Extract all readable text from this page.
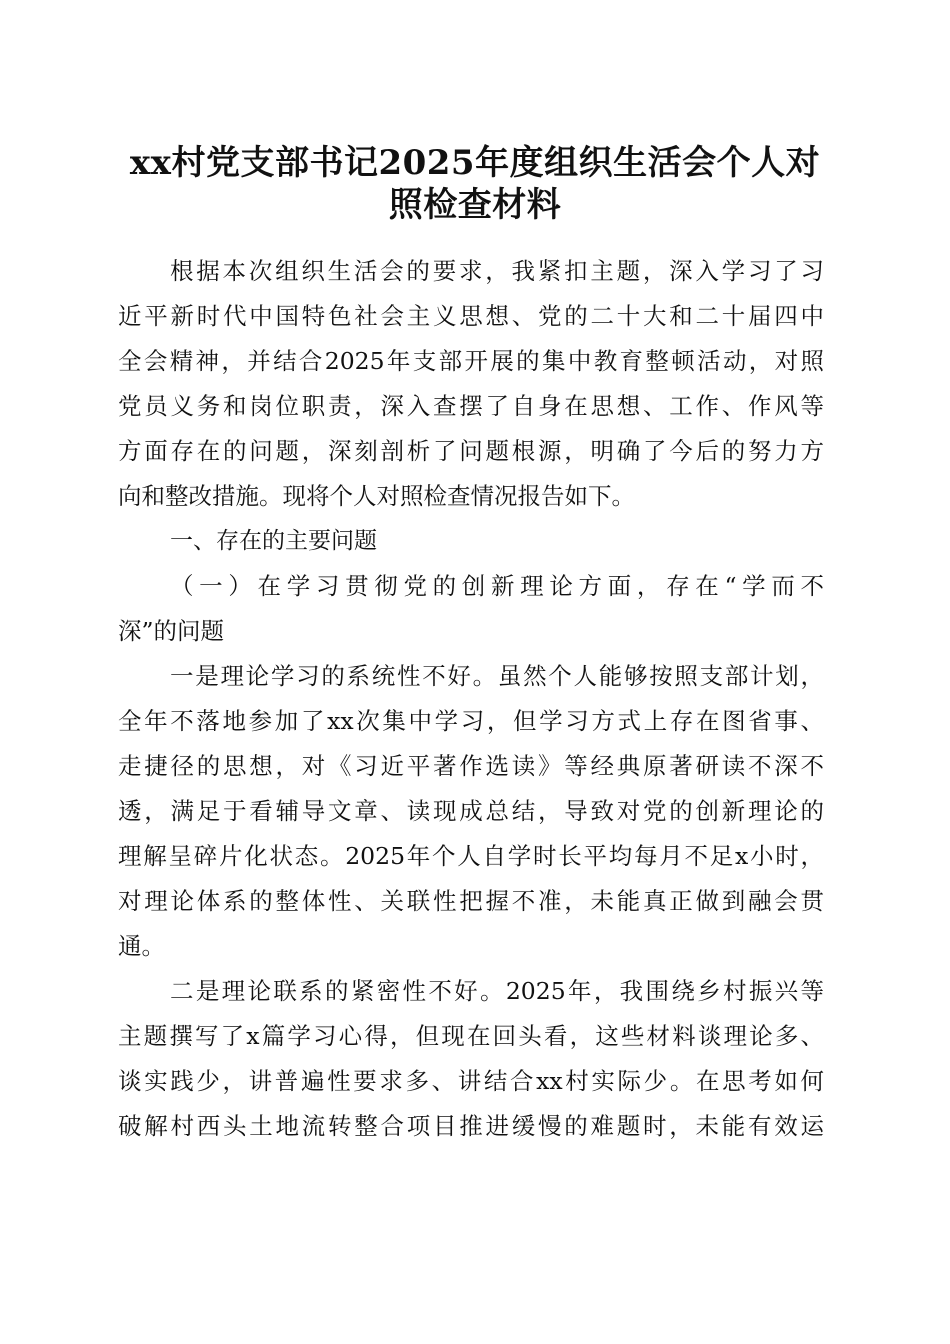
xx村党支部书记2025年度组织生活会个人对
照检查材料
根据本次组织生活会的要求，我紧扣主题，深入学习了习
近平新时代中国特色社会主义思想、党的二十大和二十届四中
全会精神，并结合2025年支部开展的集中教育整顿活动，对照
党员义务和岗位职责，深入查摆了自身在思想、工作、作风等
方面存在的问题，深刻剖析了问题根源，明确了今后的努力方
向和整改措施。现将个人对照检查情况报告如下。
一、存在的主要问题
（一）在学习贯彻党的创新理论方面，存在“学而不
深”的问题
一是理论学习的系统性不好。虽然个人能够按照支部计划，
全年不落地参加了xx次集中学习，但学习方式上存在图省事、
走捷径的思想，对《习近平著作选读》等经典原著研读不深不
透，满足于看辅导文章、读现成总结，导致对党的创新理论的
理解呈碎片化状态。2025年个人自学时长平均每月不足x小时，
对理论体系的整体性、关联性把握不准，未能真正做到融会贯
通。
二是理论联系的紧密性不好。2025年，我围绕乡村振兴等
主题撰写了x篇学习心得，但现在回头看，这些材料谈理论多、
谈实践少，讲普遍性要求多、讲结合xx村实际少。在思考如何
破解村西头土地流转整合项目推进缓慢的难题时，未能有效运
